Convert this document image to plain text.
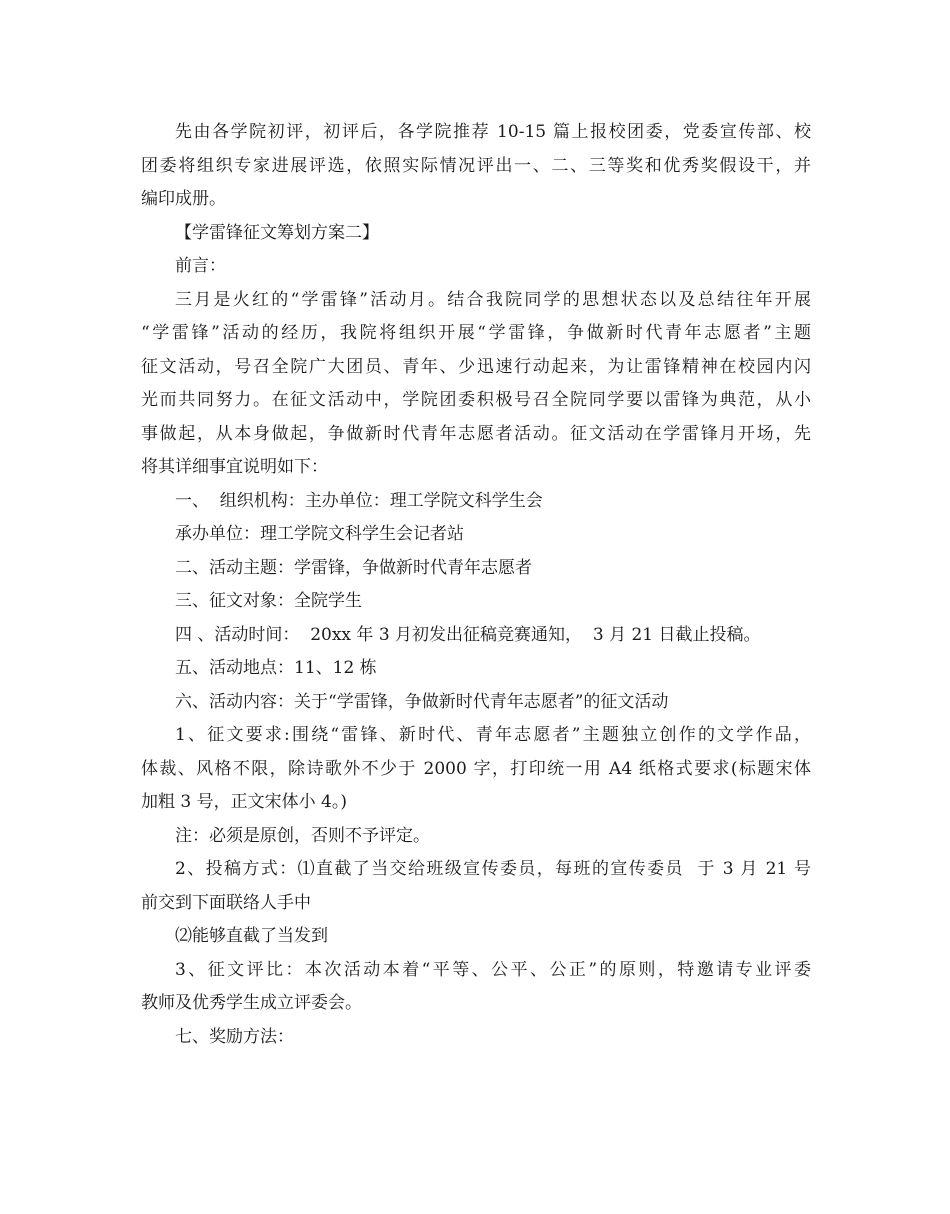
先由各学院初评，初评后，各学院推荐 10-15 篇上报校团委，党委宣传部、校
团委将组织专家进展评选，依照实际情况评出一、二、三等奖和优秀奖假设干，并
编印成册。
【学雷锋征文筹划方案二】
前言：
三月是火红的“学雷锋”活动月。结合我院同学的思想状态以及总结往年开展
“学雷锋”活动的经历，我院将组织开展“学雷锋，争做新时代青年志愿者”主题
征文活动，号召全院广大团员、青年、少迅速行动起来，为让雷锋精神在校园内闪
光而共同努力。在征文活动中，学院团委积极号召全院同学要以雷锋为典范，从小
事做起，从本身做起，争做新时代青年志愿者活动。征文活动在学雷锋月开场，先
将其详细事宜说明如下：
一、  组织机构：主办单位：理工学院文科学生会
承办单位：理工学院文科学生会记者站
二、活动主题：学雷锋，争做新时代青年志愿者
三、征文对象：全院学生
四 、活动时间：  20xx 年 3 月初发出征稿竞赛通知，  3 月 21 日截止投稿。
五、活动地点：11、12 栋
六、活动内容：关于“学雷锋，争做新时代青年志愿者”的征文活动
1、征文要求:围绕“雷锋、新时代、青年志愿者”主题独立创作的文学作品，
体裁、风格不限，除诗歌外不少于 2000 字，打印统一用 A4 纸格式要求(标题宋体
加粗 3 号，正文宋体小 4。)
注：必须是原创，否则不予评定。
2、投稿方式：⑴直截了当交给班级宣传委员，每班的宣传委员  于 3 月 21 号
前交到下面联络人手中
⑵能够直截了当发到
3、征文评比：本次活动本着“平等、公平、公正”的原则，特邀请专业评委
教师及优秀学生成立评委会。
七、奖励方法：
